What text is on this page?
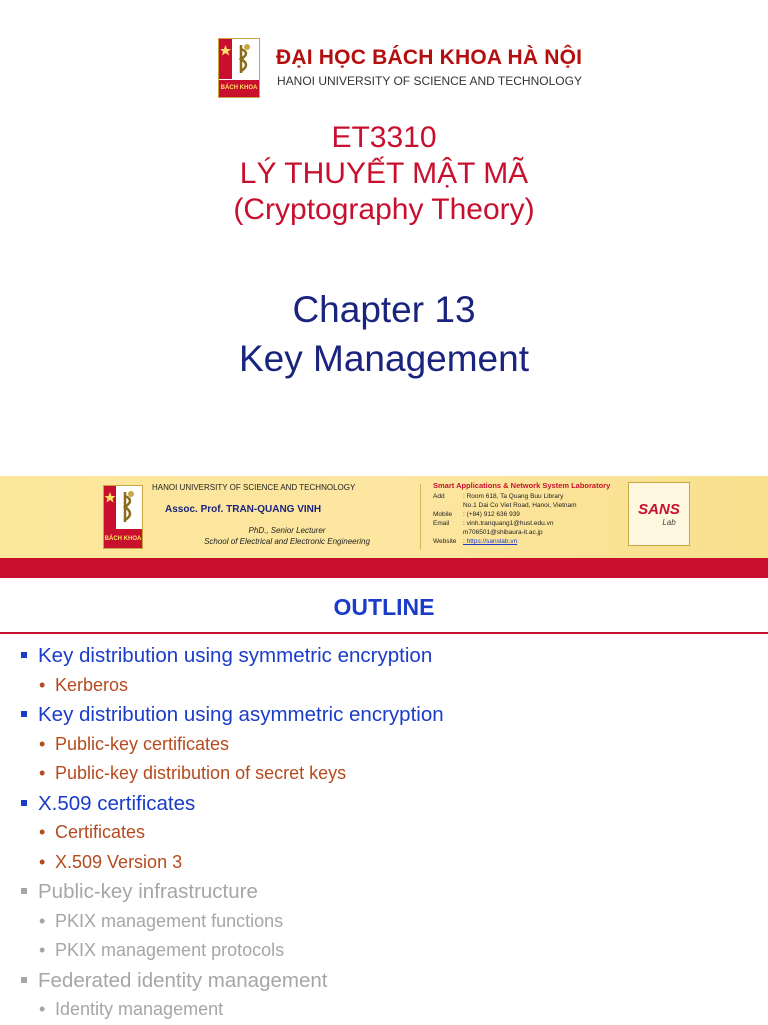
BÁCH KHOA
ĐẠI HỌC BÁCH KHOA HÀ NỘI
HANOI UNIVERSITY OF SCIENCE AND TECHNOLOGY
ET3310
LÝ THUYẾT MẬT MÃ
(Cryptography Theory)
Chapter 13
Key Management
BÁCH KHOA
HANOI UNIVERSITY OF SCIENCE AND TECHNOLOGY
Assoc. Prof. TRAN-QUANG VINH
PhD., Senior Lecturer
School of Electrical and Electronic Engineering
Smart Applications & Network System Laboratory
Add	: Room 618, Ta Quang Buu Library
No.1 Dai Co Viet Road, Hanoi, Vietnam
Mobile	: (+84) 912 636 939
Email	: vinh.tranquang1@hust.edu.vn
m706501@shibaura-it.ac.jp
Website	: https://sanslab.vn
SANS
Lab
OUTLINE
Key distribution using symmetric encryption
• Kerberos
Key distribution using asymmetric encryption
• Public-key certificates
• Public-key distribution of secret keys
X.509 certificates
• Certificates
• X.509 Version 3
Public-key infrastructure
• PKIX management functions
• PKIX management protocols
Federated identity management
• Identity management
